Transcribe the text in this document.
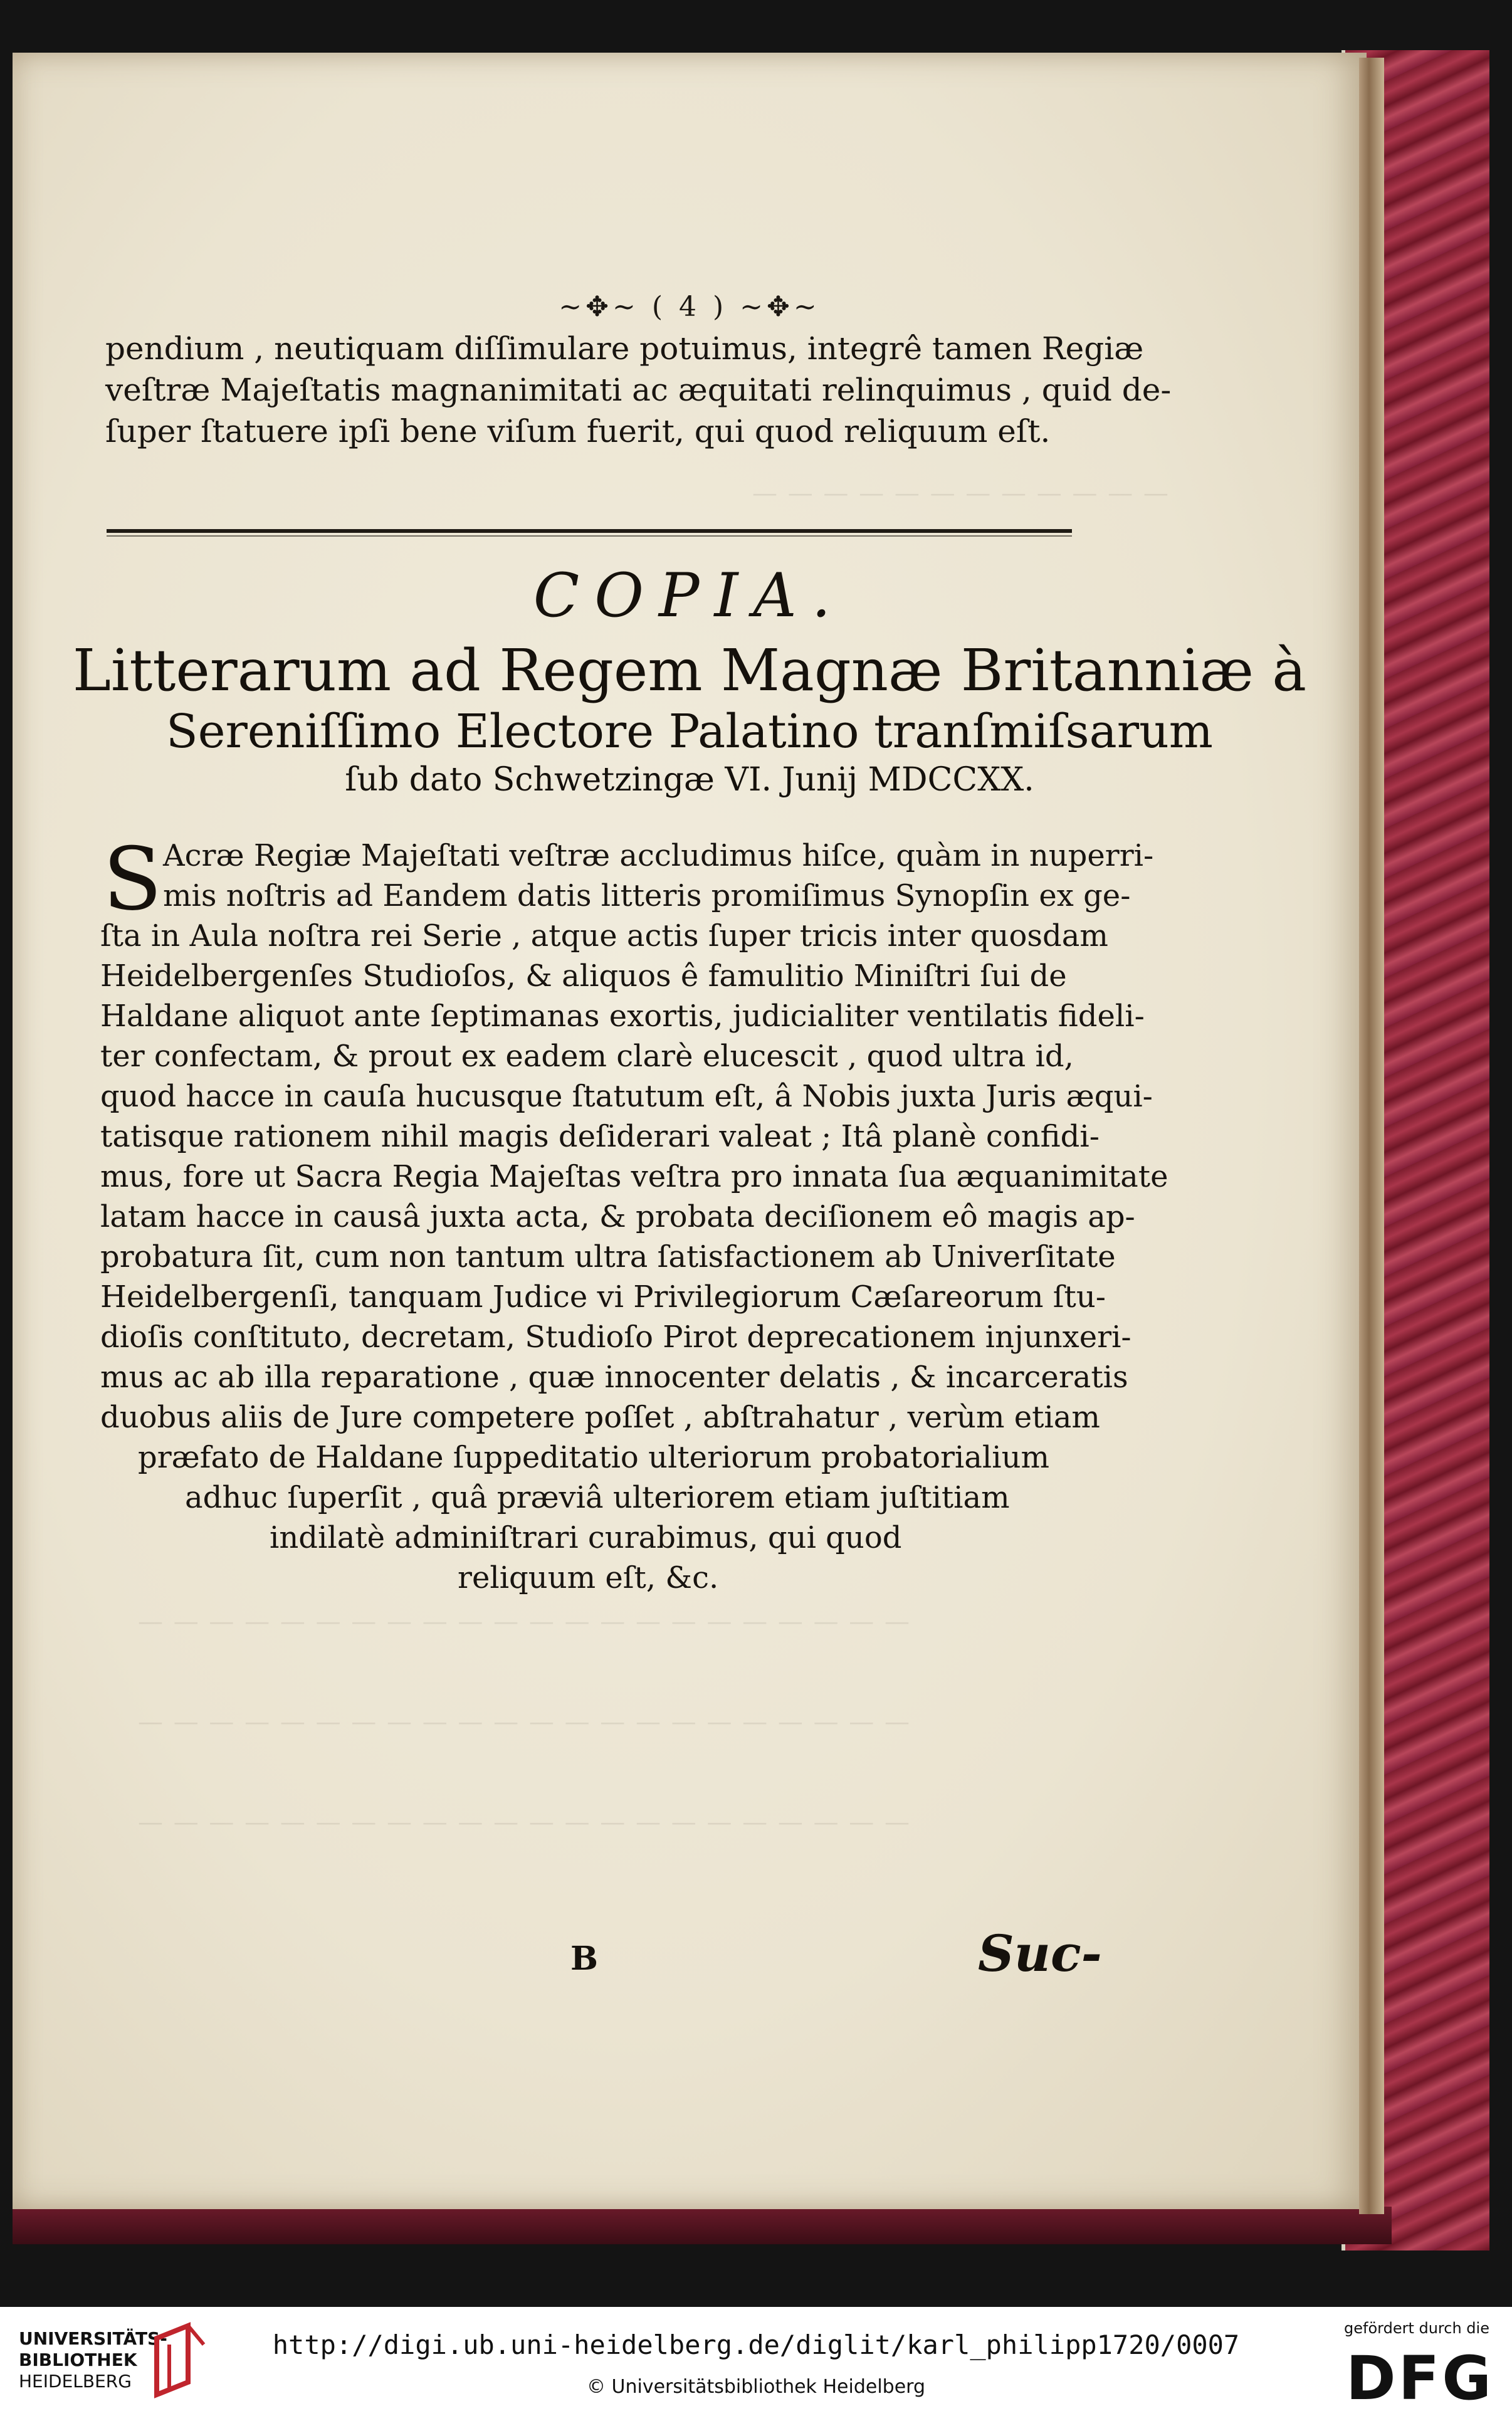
— — — — — — — — — — — —
— — — — — — — — — — — — — — — — — — — — — —
— — — — — — — — — — — — — — — — — — — — — —
— — — — — — — — — — — — — — — — — — — — — —
~✥~ ( 4 ) ~✥~
pendium , neutiquam diſſimulare potuimus, integrê tamen Regiæ
veſtræ Majeſtatis magnanimitati ac æquitati relinquimus , quid de-
ſuper ſtatuere ipſi bene viſum fuerit, qui quod reliquum eſt.
COPIA.
Litterarum ad Regem Magnæ Britanniæ à
Sereniſſimo Electore Palatino tranſmiſsarum
ſub dato Schwetzingæ VI. Junij MDCCXX.
S Acræ Regiæ Majeſtati veſtræ accludimus hiſce, quàm in nuperri-
mis noſtris ad Eandem datis litteris promiſimus Synopſin ex ge-
ſta in Aula noſtra rei Serie , atque actis ſuper tricis inter quosdam
Heidelbergenſes Studioſos, & aliquos ê famulitio Miniſtri ſui de
Haldane aliquot ante ſeptimanas exortis, judicialiter ventilatis fideli-
ter confectam, & prout ex eadem clarè elucescit , quod ultra id,
quod hacce in cauſa hucusque ſtatutum eſt, â Nobis juxta Juris æqui-
tatisque rationem nihil magis deſiderari valeat ; Itâ planè confidi-
mus, fore ut Sacra Regia Majeſtas veſtra pro innata ſua æquanimitate
latam hacce in causâ juxta acta, & probata deciſionem eô magis ap-
probatura ſit, cum non tantum ultra ſatisfactionem ab Univerſitate
Heidelbergenſi, tanquam Judice vi Privilegiorum Cæſareorum ſtu-
dioſis conſtituto, decretam, Studioſo Pirot deprecationem injunxeri-
mus ac ab illa reparatione , quæ innocenter delatis , & incarceratis
duobus aliis de Jure competere poſſet , abſtrahatur , verùm etiam
præfato de Haldane ſuppeditatio ulteriorum probatorialium
adhuc ſuperſit , quâ præviâ ulteriorem etiam juſtitiam
indilatè adminiſtrari curabimus, qui quod
reliquum eſt, &c.
B	Suc-
UNIVERSITÄTS-
BIBLIOTHEK
HEIDELBERG
http://digi.ub.uni-heidelberg.de/diglit/karl_philipp1720/0007
© Universitätsbibliothek Heidelberg
gefördert durch die
DFG
